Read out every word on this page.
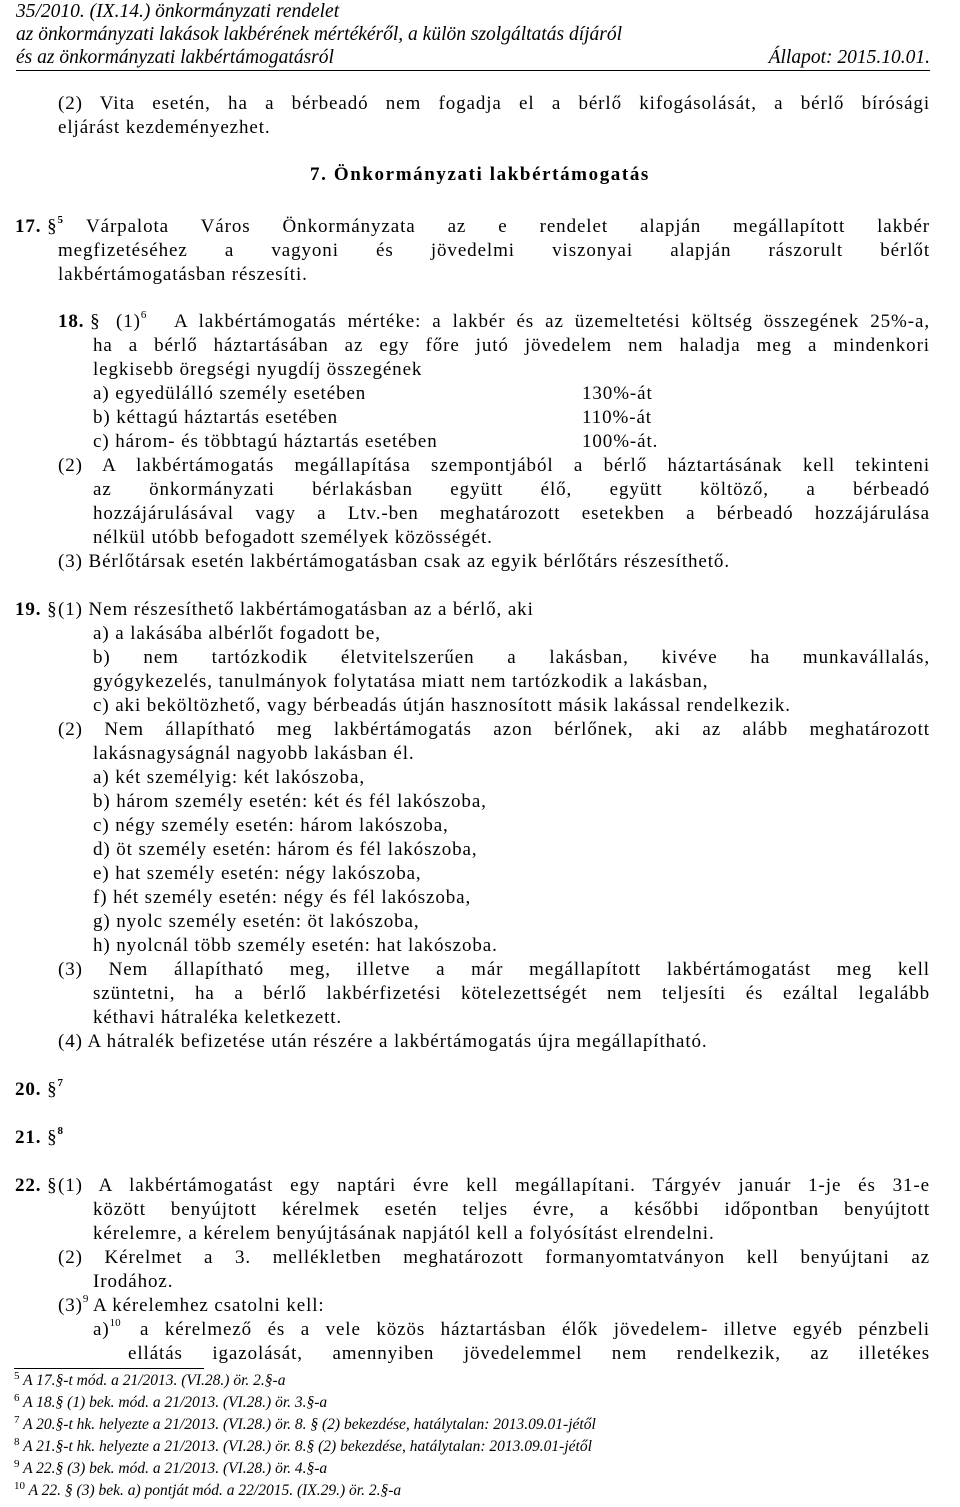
35/2010. (IX.14.) önkormányzati rendelet
az önkormányzati lakások lakbérének mértékéről, a külön szolgáltatás díjáról
és az önkormányzati lakbértámogatásról	Állapot: 2015.10.01.
(2) Vita esetén, ha a bérbeadó nem fogadja el a bérlő kifogásolását, a bérlő bírósági
eljárást kezdeményezhet.
7. Önkormányzati lakbértámogatás
17. §$^5$ Várpalota Város Önkormányzata az e rendelet alapján megállapított lakbér
megfizetéséhez a vagyoni és jövedelmi viszonyai alapján rászorult bérlőt
lakbértámogatásban részesíti.
18. § $(1)^6$ A lakbértámogatás mértéke: a lakbér és az üzemeltetési költség összegének 25%-a,
ha a bérlő háztartásában az egy főre jutó jövedelem nem haladja meg a mindenkori
legkisebb öregségi nyugdíj összegének
a) egyedülálló személy esetében	130%-át
b) kéttagú háztartás esetében	110%-át
c) három- és többtagú háztartás esetében	100%-át.
(2) A lakbértámogatás megállapítása szempontjából a bérlő háztartásának kell tekinteni
az önkormányzati bérlakásban együtt élő, együtt költöző, a bérbeadó
hozzájárulásával vagy a Ltv.-ben meghatározott esetekben a bérbeadó hozzájárulása
nélkül utóbb befogadott személyek közösségét.
(3) Bérlőtársak esetén lakbértámogatásban csak az egyik bérlőtárs részesíthető.
19. § (1) Nem részesíthető lakbértámogatásban az a bérlő, aki
a) a lakásába albérlőt fogadott be,
b) nem tartózkodik életvitelszerűen a lakásban, kivéve ha munkavállalás,
gyógykezelés, tanulmányok folytatása miatt nem tartózkodik a lakásban,
c) aki beköltözhető, vagy bérbeadás útján hasznosított másik lakással rendelkezik.
(2) Nem állapítható meg lakbértámogatás azon bérlőnek, aki az alább meghatározott
lakásnagyságnál nagyobb lakásban él.
a) két személyig: két lakószoba,
b) három személy esetén: két és fél lakószoba,
c) négy személy esetén: három lakószoba,
d) öt személy esetén: három és fél lakószoba,
e) hat személy esetén: négy lakószoba,
f) hét személy esetén: négy és fél lakószoba,
g) nyolc személy esetén: öt lakószoba,
h) nyolcnál több személy esetén: hat lakószoba.
(3) Nem állapítható meg, illetve a már megállapított lakbértámogatást meg kell
szüntetni, ha a bérlő lakbérfizetési kötelezettségét nem teljesíti és ezáltal legalább
kéthavi hátraléka keletkezett.
(4) A hátralék befizetése után részére a lakbértámogatás újra megállapítható.
20. §$^7$
21. §$^8$
22. § (1) A lakbértámogatást egy naptári évre kell megállapítani. Tárgyév január 1-je és 31-e
között benyújtott kérelmek esetén teljes évre, a későbbi időpontban benyújtott
kérelemre, a kérelem benyújtásának napjától kell a folyósítást elrendelni.
(2) Kérelmet a 3. mellékletben meghatározott formanyomtatványon kell benyújtani az
Irodához.
$(3)^9$ A kérelemhez csatolni kell:
a)$^{10}$ a kérelmező és a vele közös háztartásban élők jövedelem- illetve egyéb pénzbeli
ellátás igazolását, amennyiben jövedelemmel nem rendelkezik, az illetékes
$^5$ A 17.§-t mód. a 21/2013. (VI.28.) ör. 2.§-a
$^6$ A 18.§ (1) bek. mód. a 21/2013. (VI.28.) ör. 3.§-a
$^7$ A 20.§-t hk. helyezte a 21/2013. (VI.28.) ör. 8. § (2) bekezdése, hatálytalan: 2013.09.01-jétől
$^8$ A 21.§-t hk. helyezte a 21/2013. (VI.28.) ör. 8.§ (2) bekezdése, hatálytalan: 2013.09.01-jétől
$^9$ A 22.§ (3) bek. mód. a 21/2013. (VI.28.) ör. 4.§-a
$^{10}$ A 22. § (3) bek. a) pontját mód. a 22/2015. (IX.29.) ör. 2.§-a
